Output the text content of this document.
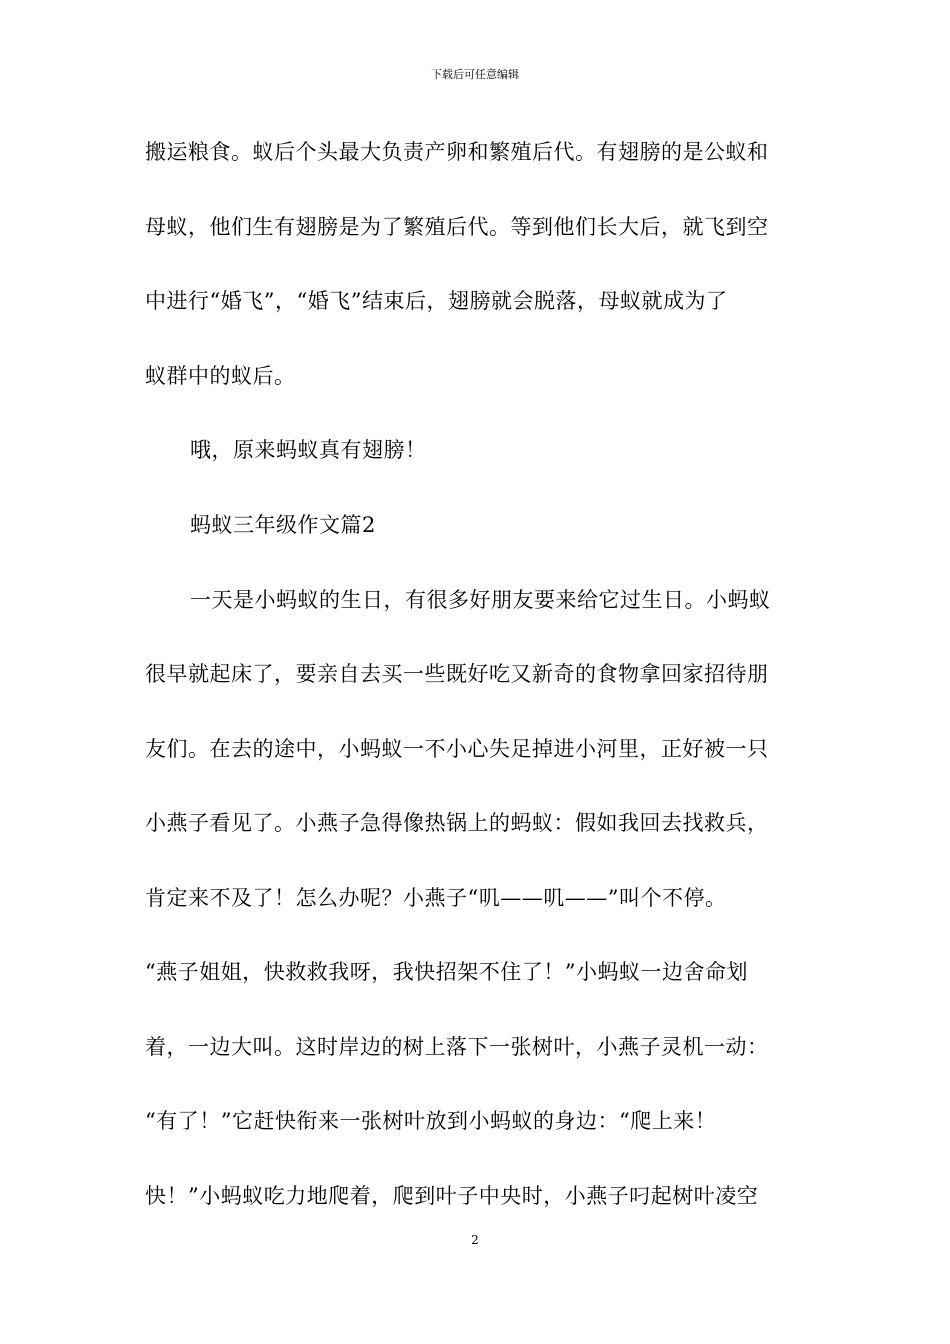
下载后可任意编辑
搬运粮食。蚁后个头最大负责产卵和繁殖后代。有翅膀的是公蚁和
母蚁，他们生有翅膀是为了繁殖后代。等到他们长大后，就飞到空
中进行“婚飞”，“婚飞”结束后，翅膀就会脱落，母蚁就成为了
蚁群中的蚁后。
哦，原来蚂蚁真有翅膀！
蚂蚁三年级作文篇2
一天是小蚂蚁的生日，有很多好朋友要来给它过生日。小蚂蚁
很早就起床了，要亲自去买一些既好吃又新奇的食物拿回家招待朋
友们。在去的途中，小蚂蚁一不小心失足掉进小河里，正好被一只
小燕子看见了。小燕子急得像热锅上的蚂蚁：假如我回去找救兵，
肯定来不及了！怎么办呢？小燕子“叽——叽——”叫个不停。
“燕子姐姐，快救救我呀，我快招架不住了！”小蚂蚁一边舍命划
着，一边大叫。这时岸边的树上落下一张树叶，小燕子灵机一动：
“有了！”它赶快衔来一张树叶放到小蚂蚁的身边：“爬上来！
快！”小蚂蚁吃力地爬着，爬到叶子中央时，小燕子叼起树叶凌空
2
